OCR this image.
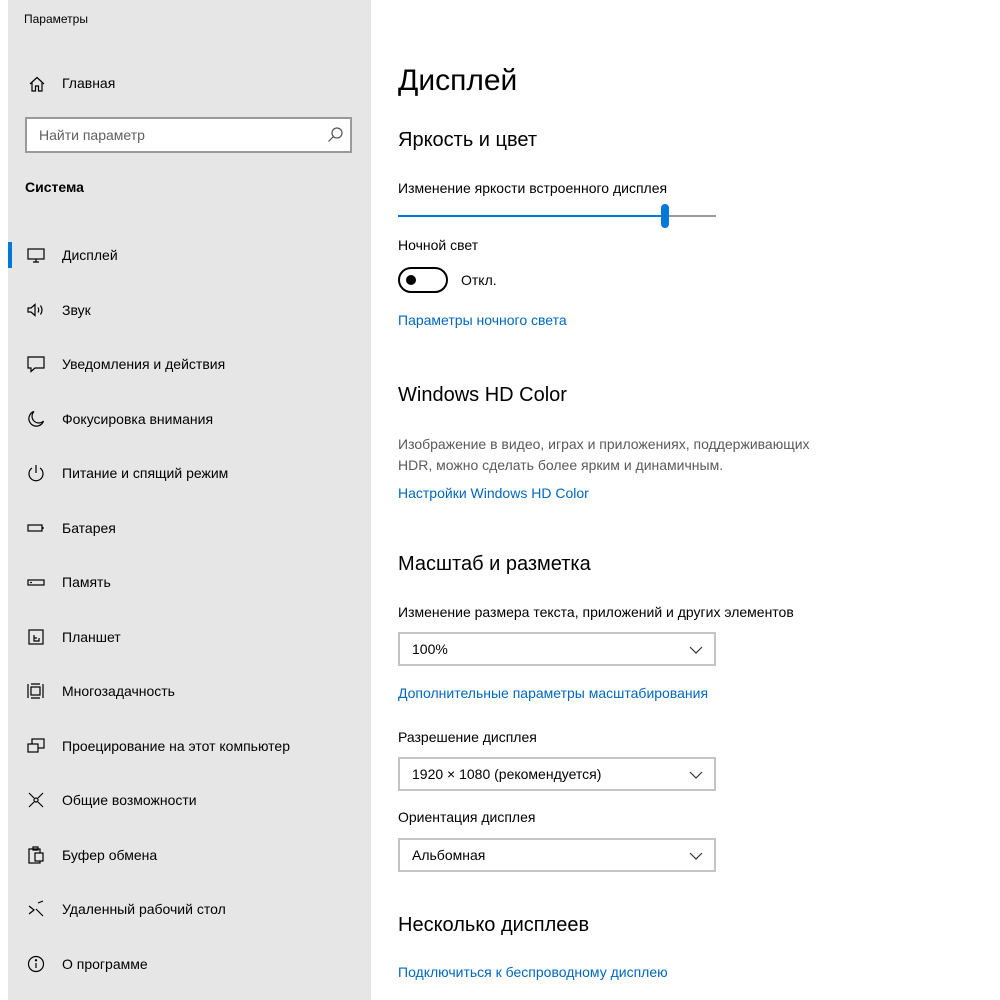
Параметры
Главная
Найти параметр
Система
Дисплей
Звук
Уведомления и действия
Фокусировка внимания
Питание и спящий режим
Батарея
Память
Планшет
Многозадачность
Проецирование на этот компьютер
Общие возможности
Буфер обмена
Удаленный рабочий стол
О программе
Дисплей
Яркость и цвет
Изменение яркости встроенного дисплея
Ночной свет
Откл.
Параметры ночного света
Windows HD Color
Изображение в видео, играх и приложениях, поддерживающих
HDR, можно сделать более ярким и динамичным.
Настройки Windows HD Color
Масштаб и разметка
Изменение размера текста, приложений и других элементов
100%
Дополнительные параметры масштабирования
Разрешение дисплея
1920 × 1080 (рекомендуется)
Ориентация дисплея
Альбомная
Несколько дисплеев
Подключиться к беспроводному дисплею
